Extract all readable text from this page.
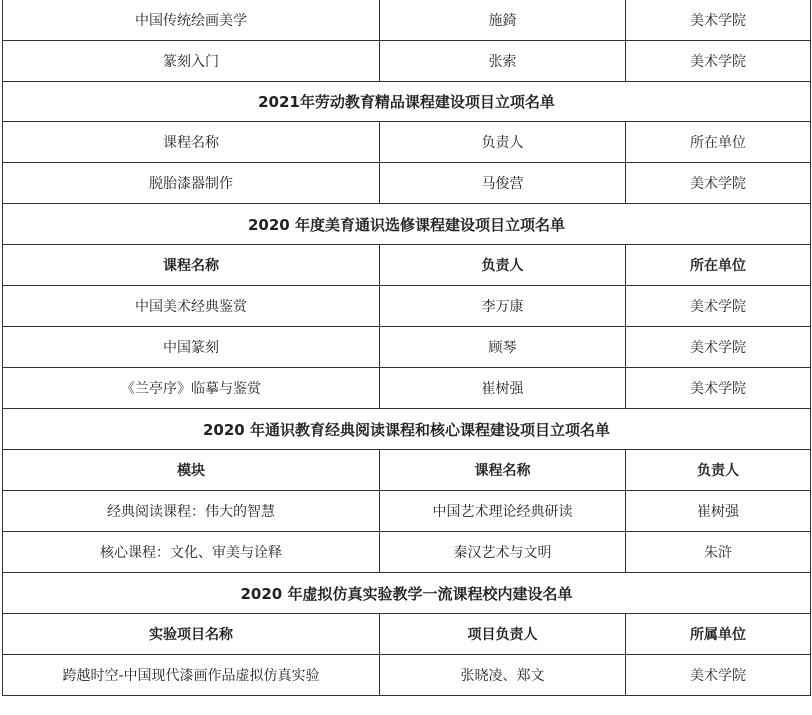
中国传统绘画美学	施錡	美术学院
篆刻入门	张索	美术学院
2021年劳动教育精品课程建设项目立项名单		
课程名称	负责人	所在单位
脱胎漆器制作	马俊营	美术学院
2020 年度美育通识选修课程建设项目立项名单		
课程名称	负责人	所在单位
中国美术经典鉴赏	李万康	美术学院
中国篆刻	顾琴	美术学院
《兰亭序》临摹与鉴赏	崔树强	美术学院
2020 年通识教育经典阅读课程和核心课程建设项目立项名单		
模块	课程名称	负责人
经典阅读课程：伟大的智慧	中国艺术理论经典研读	崔树强
核心课程：文化、审美与诠释	秦汉艺术与文明	朱浒
2020 年虚拟仿真实验教学一流课程校内建设名单		
实验项目名称	项目负责人	所属单位
跨越时空-中国现代漆画作品虚拟仿真实验	张晓凌、郑文	美术学院
